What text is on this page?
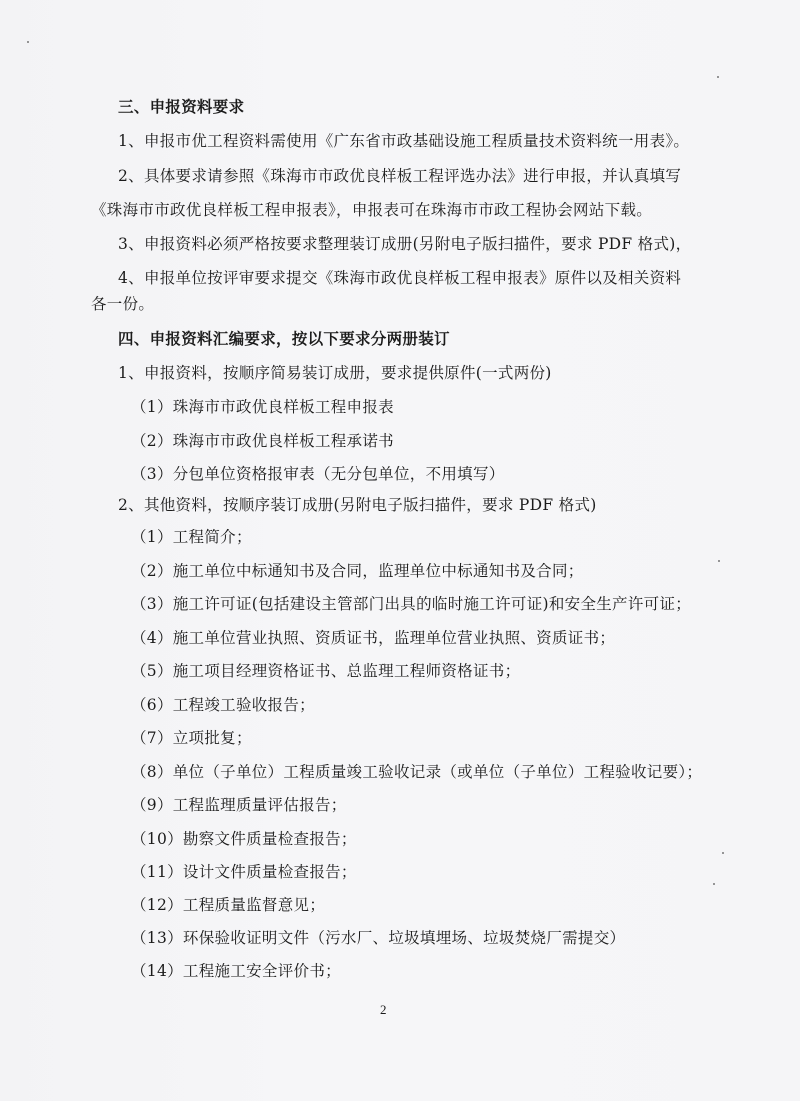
三、申报资料要求
1、申报市优工程资料需使用《广东省市政基础设施工程质量技术资料统一用表》。
2、具体要求请参照《珠海市市政优良样板工程评选办法》进行申报，并认真填写
《珠海市市政优良样板工程申报表》，申报表可在珠海市市政工程协会网站下载。
3、申报资料必须严格按要求整理装订成册(另附电子版扫描件，要求 PDF 格式)，
4、申报单位按评审要求提交《珠海市政优良样板工程申报表》原件以及相关资料
各一份。
四、申报资料汇编要求，按以下要求分两册装订
1、申报资料，按顺序简易装订成册，要求提供原件(一式两份)
（1）珠海市市政优良样板工程申报表
（2）珠海市市政优良样板工程承诺书
（3）分包单位资格报审表（无分包单位，不用填写）
2、其他资料，按顺序装订成册(另附电子版扫描件，要求 PDF 格式)
（1）工程简介；
（2）施工单位中标通知书及合同，监理单位中标通知书及合同；
（3）施工许可证(包括建设主管部门出具的临时施工许可证)和安全生产许可证；
（4）施工单位营业执照、资质证书，监理单位营业执照、资质证书；
（5）施工项目经理资格证书、总监理工程师资格证书；
（6）工程竣工验收报告；
（7）立项批复；
（8）单位（子单位）工程质量竣工验收记录（或单位（子单位）工程验收记要）；
（9）工程监理质量评估报告；
（10）勘察文件质量检查报告；
（11）设计文件质量检查报告；
（12）工程质量监督意见；
（13）环保验收证明文件（污水厂、垃圾填埋场、垃圾焚烧厂需提交）
（14）工程施工安全评价书；
2
